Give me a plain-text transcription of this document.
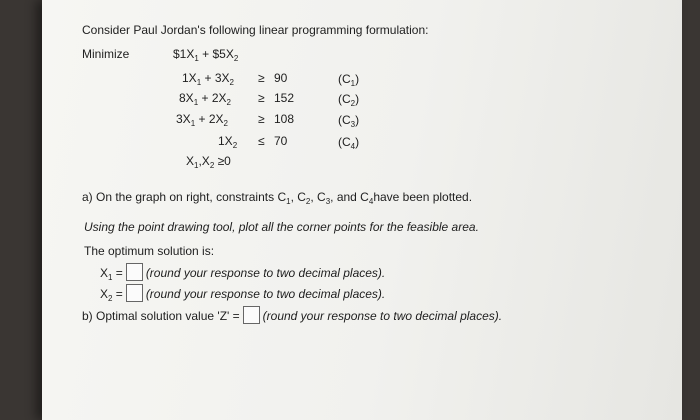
Consider Paul Jordan's following linear programming formulation:
Minimize	$\$1X_1$ + $\$5X_2$
$1X_1 + 3X_2 \ge 90$	$(C_1)$
$8X_1 + 2X_2 \ge 152$	$(C_2)$
$3X_1 + 2X_2$	≥ 108	$(C_3)$
$1X_2 \le 70$	$(C_4)$
$X_1,X_2 \ge 0$
a) On the graph on right, constraints $C_1$, $C_2$, $C_3$, and $C_4have$ been plotted.
Using the point drawing tool, plot all the corner points for the feasible area.
The optimum solution is:
$X_1$ = (round your response to two decimal places).
$X_2$ = (round your response to two decimal places).
b) Optimal solution value 'Z' = (round your response to two decimal places).
